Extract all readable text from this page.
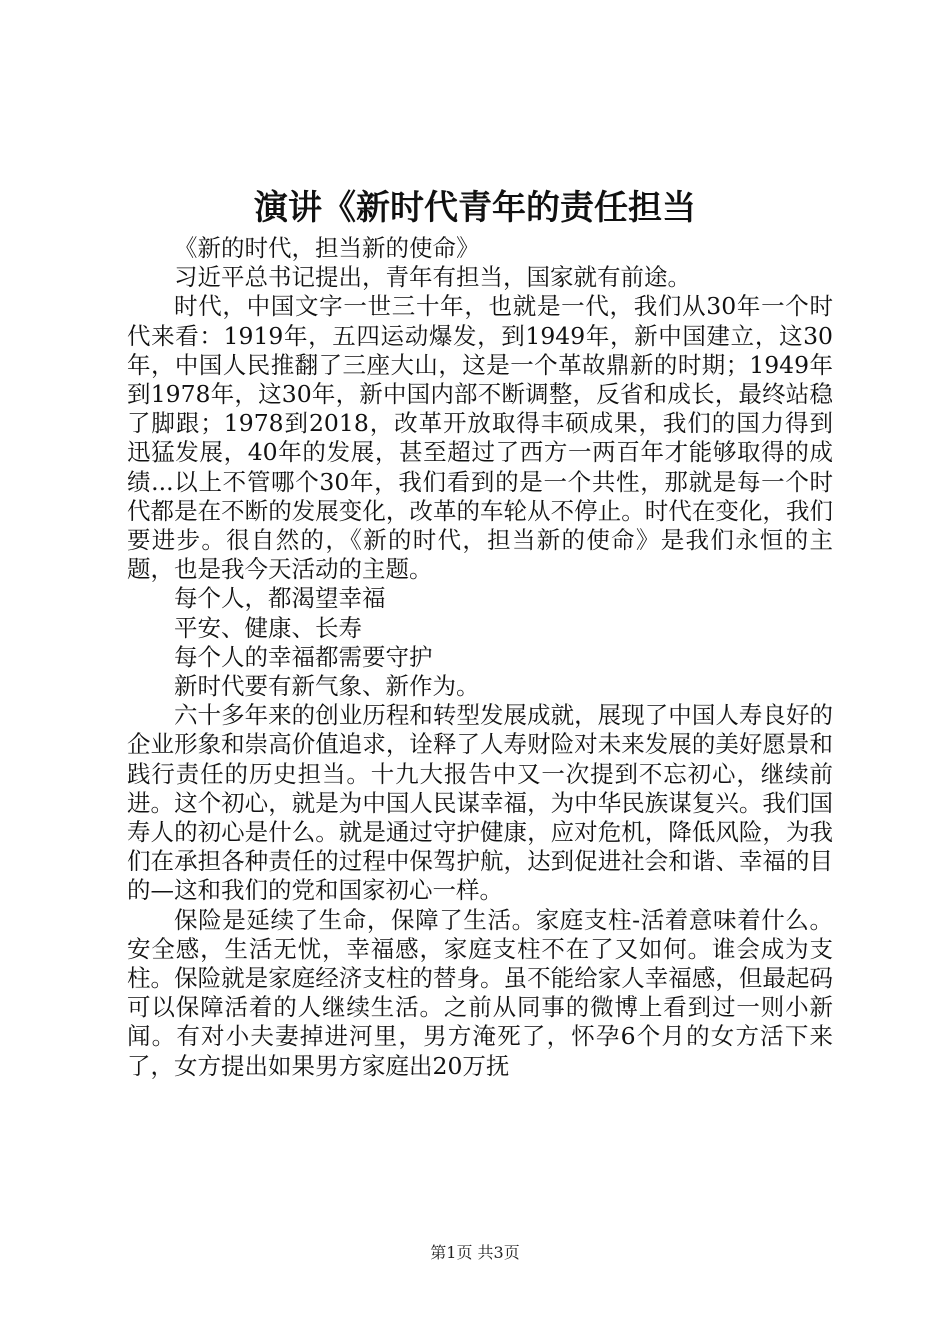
演讲《新时代青年的责任担当

《新的时代，担当新的使命》

习近平总书记提出，青年有担当，国家就有前途。

时代，中国文字一世三十年，也就是一代，我们从30年一个时代来看：1919年，五四运动爆发，到1949年，新中国建立，这30年，中国人民推翻了三座大山，这是一个革故鼎新的时期；1949年到1978年，这30年，新中国内部不断调整，反省和成长，最终站稳了脚跟；1978到2018，改革开放取得丰硕成果，我们的国力得到迅猛发展，40年的发展，甚至超过了西方一两百年才能够取得的成绩...以上不管哪个30年，我们看到的是一个共性，那就是每一个时代都是在不断的发展变化，改革的车轮从不停止。时代在变化，我们要进步。很自然的，《新的时代，担当新的使命》是我们永恒的主题，也是我今天活动的主题。

每个人，都渴望幸福

平安、健康、长寿

每个人的幸福都需要守护

新时代要有新气象、新作为。

六十多年来的创业历程和转型发展成就，展现了中国人寿良好的企业形象和崇高价值追求，诠释了人寿财险对未来发展的美好愿景和践行责任的历史担当。十九大报告中又一次提到不忘初心，继续前进。这个初心，就是为中国人民谋幸福，为中华民族谋复兴。我们国寿人的初心是什么。就是通过守护健康，应对危机，降低风险，为我们在承担各种责任的过程中保驾护航，达到促进社会和谐、幸福的目的—这和我们的党和国家初心一样。

保险是延续了生命，保障了生活。家庭支柱-活着意味着什么。安全感，生活无忧，幸福感，家庭支柱不在了又如何。谁会成为支柱。保险就是家庭经济支柱的替身。虽不能给家人幸福感，但最起码可以保障活着的人继续生活。之前从同事的微博上看到过一则小新闻。有对小夫妻掉进河里，男方淹死了，怀孕6个月的女方活下来了，女方提出如果男方家庭出20万抚

第1页 共3页
